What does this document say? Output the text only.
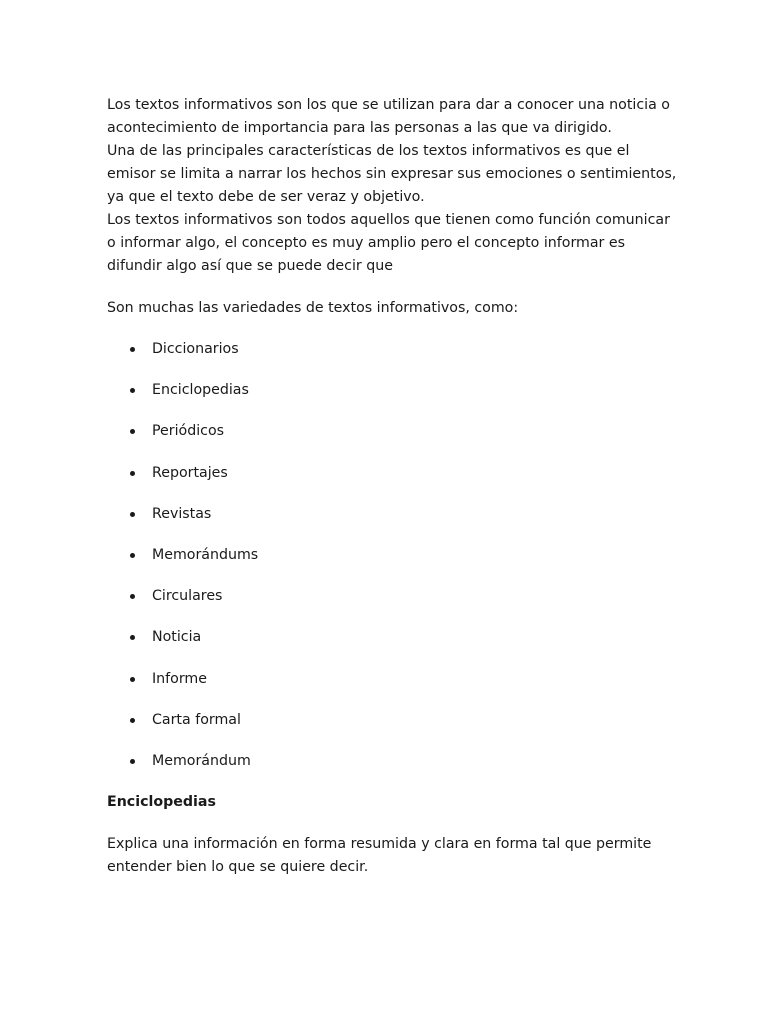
Los textos informativos son los que se utilizan para dar a conocer una noticia o

acontecimiento de importancia para las personas a las que va dirigido.

Una de las principales características de los textos informativos es que el

emisor se limita a narrar los hechos sin expresar sus emociones o sentimientos,

ya que el texto debe de ser veraz y objetivo.

Los textos informativos son todos aquellos que tienen como función comunicar

o informar algo, el concepto es muy amplio pero el concepto informar es

difundir algo así que se puede decir que

Son muchas las variedades de textos informativos, como:

Diccionarios
Enciclopedias
Periódicos
Reportajes
Revistas
Memorándums
Circulares
Noticia
Informe
Carta formal
Memorándum
Enciclopedias
Explica una información en forma resumida y clara en forma tal que permite
entender bien lo que se quiere decir.
